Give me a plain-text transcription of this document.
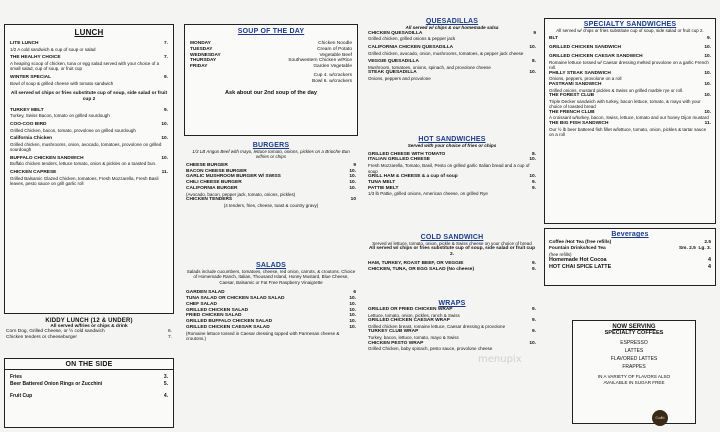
LUNCH
LITE LUNCH	7.
1/2 A cold sandwich & cup of soup or salad
THE HEALHY CHOICE	7.
A heaping scoop of chicken, tuna or egg salad served with your choice of a small salad, cup of soup, or fruit cup
WINTER SPECIAL	9.
Bowl of soup & grilled cheese with tomato sandwich
All served w/ chips or fries substitute cup of soup, side salad or fruit cup 2
TURKEY MELT	9.
Turkey, Swiss Bacon, tomato on grilled sourdough
COO-COO BIRD	10.
Grilled Chicken, bacon, tomato, provolone on grilled sourdough
California Chicken	10.
Grilled chicken, mushrooms, onion, avocado, tomatoes, provolone on grilled sourdough
BUFFALO CHICKEN SANDWICH	10.
Buffalo chicken tenders, lettuce tomato, onion & pickles on a toasted bun.
CHICKEN CAPRESE	11.
Grilled Balsamic Glazed Chicken, tomatoes, Fresh Mozzarella, Fresh Basil leaves, pesto sauce on grill garlic roll
KIDDY LUNCH (12 & UNDER)
All served w/fries or chips & drink
Corn Dog, Grilled Cheese, or ½ cold sandwich	6.
Chicken tenders or cheeseburger	7.
ON THE SIDE
Fries	3.
Beer Battered Onion Rings or Zucchini	5.
Fruit Cup	4.
SOUP OF THE DAY
MONDAY	Chicken Noodle
TUESDAY	Cream of Potato
WEDNESDAY	Vegetable Beef
THURSDAY	Southwestern Chicken w/Rice
FRIDAY	Garden Vegetable
Cup 4. w/crackers
Bowl 6. w/crackers
Ask about our 2nd soup of the day
BURGERS
1/3 LB Angus Beef with mayo, lettuce tomato, onions, pickles on a Brioche Bun w/fries or chips
CHEESE BURGER	9
BACON CHEESE BURGER	10.
GARLIC MUSHROOM BURGER W/ SWISS	10.
CHILI CHEESE BURGER	10.
CALIFORNIA BURGER	10.
(Avocado, bacon, pepper jack, tomato, onions, pickles)
CHICKEN TENDERS	10
(4 tenders, fries, cheese, toast & country gravy)
SALADS
Salads include cucumbers, tomatoes, cheese, red onion, carrots, & croutons. Choice of Homemade Ranch, Italian, Thousand Island, Honey Mustard, Blue Cheese, Caesar, Balsamic or Fat Free Raspberry Vinaigrette
GARDEN SALAD	6
TUNA SALAD OR CHICKEN SALAD SALAD	10.
CHEF SALAD	10.
GRILLED CHICKEN SALAD	10.
FRIED CHICKEN SALAD	10.
GRILLED BUFFALO CHICKEN SALAD	10.
GRILLED CHICKEN CAESAR SALAD	10.
(Romaine lettuce tossed in Caesar dressing topped with Parmesan cheese & croutons.)
QUESADILLAS
All served w/ chips & our homemade salsa
CHICKEN QUESADILLA	9
Grilled chicken, grilled onions & pepper jack
CALIFORNIA CHICKEN QUESADILLA	10.
Grilled chicken, avocado, onion, mushrooms, tomatoes, & pepper jack cheese
VEGGIE QUESADILLA	8.
Mushroom, tomatoes, onions, spinach, and provolone cheese
STEAK QUESADILLA	10.
Onions, peppers and provolone
HOT SANDWICHES
Served with your choice of fries or chips
GRILLED CHEESE WITH TOMATO	8.
ITALIAN GRILLED CHEESE	10.
Fresh Mozzarella, Tomato, Basil, Pesto on grilled garlic Italian bread and a cup of soup
GRILL HAM & CHEESE & a cup of soup	10.
TUNA MELT	9.
PATTIE MELT	9.
1/3 lb Pattie, grilled onions, American cheese, on grilled Rye
COLD SANDWICH
Served w/ lettuce, tomato, onion, pickle & Swiss cheese on your choice of bread
All served w/ chips or fries substitute cup of soup, side salad or fruit cup 2.
HAM, TURKEY, ROAST BEEF, OR VEGGIE	9.
CHICKEN, TUNA, OR EGG SALAD (No cheese)	9.
WRAPS
GRILLED OR FRIED CHICKEN WRAP	9.
Lettuce, tomato, onion, pickles, ranch & Swiss
GRILLED CHICKEN CAESAR WRAP	9.
Grilled chicken breast, romaine lettuce, Caesar dressing & provolone
TURKEY CLUB WRAP	9.
Turkey, bacon, lettuce, tomato, mayo & Swiss
CHICKEN PESTO WRAP	10.
Grilled Chicken, baby spinach, pesto sauce, provolone cheese
menupix
SPECIALTY SANDWICHES
All served w/ chips or fries substitute cup of soup, side salad or fruit cup 2.
BLT	9.
GRILLED CHICKEN SANDWICH	10.
GRILLED CHICKEN CAESAR SANDWICH	10.
Romaine lettuce tossed w/ Caesar dressing melted provolone on a garlic French roll.
PHILLY STEAK SANDWICH	10.
Onions, peppers, provolone on a roll
PASTRAMI SANDWICH	10.
Grilled onions, mustard pickles & Swiss on grilled marble rye or roll.
THE FOREST CLUB	10.
Triple Decker sandwich with turkey, bacon lettuce, tomato, & mayo with your choice of toasted bread
THE FRENCH CLUB	10.
A croissant w/turkey, bacon, Swiss, lettuce, tomato and our honey Dijon mustard
THE BIG FISH SANDWICH	11.
Our ½ lb beer battered fish fillet w/lettuce, tomato, onion, pickles & tartar sauce on a roll
Beverages
Coffee /Hot Tea (free refills)	2.5
Fountain Drinks/Iced Tea	Sm. 2.5 Lg. 3.
(free refills)
Homemade Hot Cocoa	4
HOT CHAI SPICE LATTE	4
NOW SERVING
SPECIALTY COFFEES
ESPRESSO
LATTES
FLAVORED LATTES
FRAPPES
IN A VARIETY OF FLAVORS ALSO
AVAILABLE IN SUGAR FREE
Cafe
